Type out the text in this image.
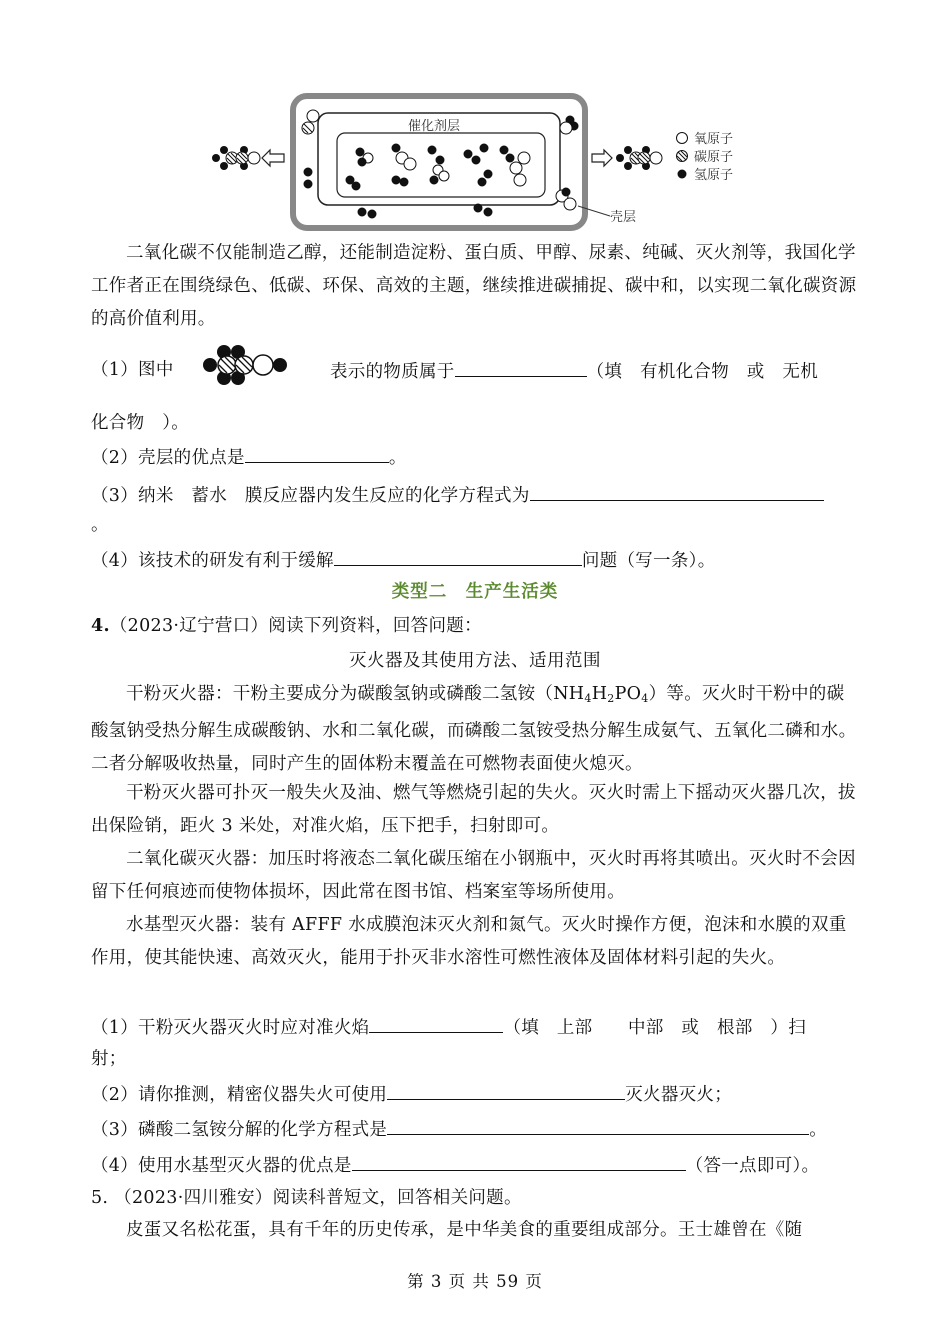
催化剂层
壳层
氧原子
碳原子
氢原子
二氧化碳不仅能制造乙醇，还能制造淀粉、蛋白质、甲醇、尿素、纯碱、灭火剂等，我国化学工作者正在围绕绿色、低碳、环保、高效的主题，继续推进碳捕捉、碳中和，以实现二氧化碳资源的高价值利用。
（1）图中	表示的物质属于	（填　有机化合物　或　无机
化合物　）。
（2）壳层的优点是	。
（3）纳米　蓄水　膜反应器内发生反应的化学方程式为
。
（4）该技术的研发有利于缓解	问题（写一条）。
类型二　生产生活类
4.（2023·辽宁营口）阅读下列资料，回答问题：
灭火器及其使用方法、适用范围
干粉灭火器：干粉主要成分为碳酸氢钠或磷酸二氢铵$(NH_4H_2PO_4)$等。灭火时干粉中的碳酸氢钠受热分解生成碳酸钠、水和二氧化碳，而磷酸二氢铵受热分解生成氨气、五氧化二磷和水。二者分解吸收热量，同时产生的固体粉末覆盖在可燃物表面使火熄灭。
干粉灭火器可扑灭一般失火及油、燃气等燃烧引起的失火。灭火时需上下摇动灭火器几次，拔出保险销，距火 3 米处，对准火焰，压下把手，扫射即可。
二氧化碳灭火器：加压时将液态二氧化碳压缩在小钢瓶中，灭火时再将其喷出。灭火时不会因留下任何痕迹而使物体损坏，因此常在图书馆、档案室等场所使用。
水基型灭火器：装有 AFFF 水成膜泡沫灭火剂和氮气。灭火时操作方便，泡沫和水膜的双重作用，使其能快速、高效灭火，能用于扑灭非水溶性可燃性液体及固体材料引起的失火。
（1）干粉灭火器灭火时应对准火焰	（填　上部　　中部　或　根部　）扫
射；
（2）请你推测，精密仪器失火可使用	灭火器灭火；
（3）磷酸二氢铵分解的化学方程式是	。
（4）使用水基型灭火器的优点是	（答一点即可）。
5. （2023·四川雅安）阅读科普短文，回答相关问题。
皮蛋又名松花蛋，具有千年的历史传承，是中华美食的重要组成部分。王士雄曾在《随
第 3 页 共 59 页
